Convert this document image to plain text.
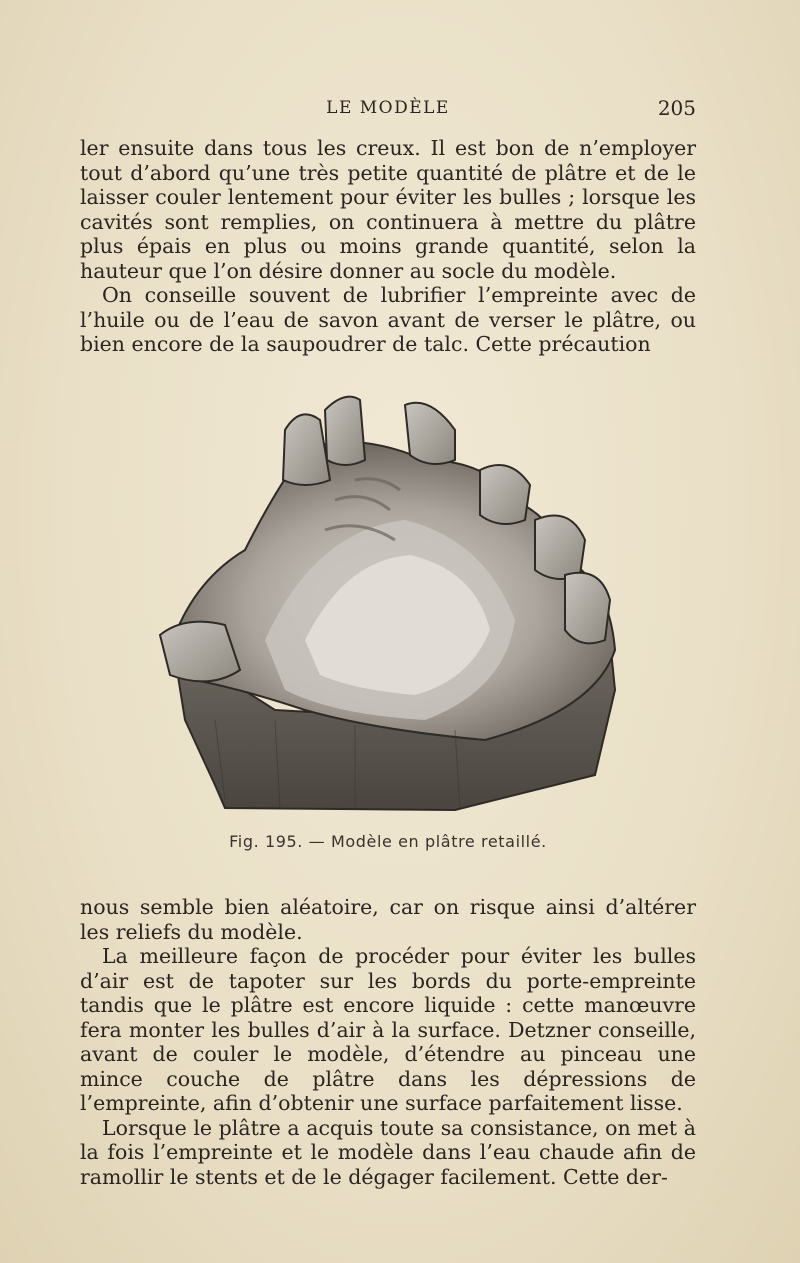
LE MODÈLE	205

ler ensuite dans tous les creux. Il est bon de n’employer tout d’abord qu’une très petite quantité de plâtre et de le laisser couler lentement pour éviter les bulles ; lorsque les cavités sont remplies, on continuera à mettre du plâtre plus épais en plus ou moins grande quantité, selon la hauteur que l’on désire donner au socle du modèle.

On conseille souvent de lubrifier l’empreinte avec de l’huile ou de l’eau de savon avant de verser le plâtre, ou bien encore de la saupoudrer de talc. Cette précaution

Fig. 195. — Modèle en plâtre retaillé.

nous semble bien aléatoire, car on risque ainsi d’altérer les reliefs du modèle.

La meilleure façon de procéder pour éviter les bulles d’air est de tapoter sur les bords du porte-empreinte tandis que le plâtre est encore liquide : cette manœuvre fera monter les bulles d’air à la surface. Detzner conseille, avant de couler le modèle, d’étendre au pinceau une mince couche de plâtre dans les dépressions de l’empreinte, afin d’obtenir une surface parfaitement lisse.

Lorsque le plâtre a acquis toute sa consistance, on met à la fois l’empreinte et le modèle dans l’eau chaude afin de ramollir le stents et de le dégager facilement. Cette der-
